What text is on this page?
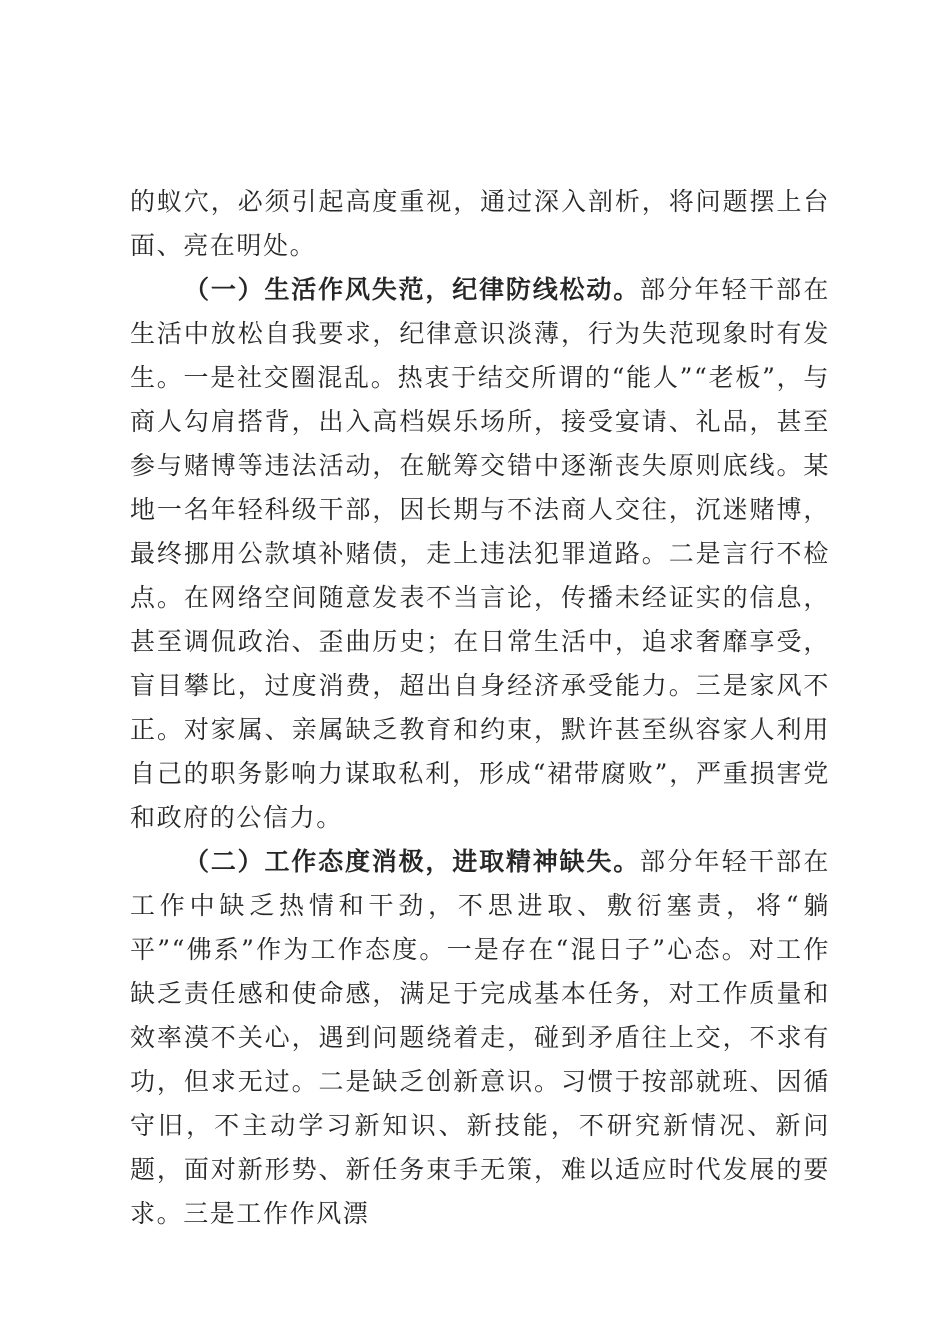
的蚁穴，必须引起高度重视，通过深入剖析，将问题摆上台面、亮在明处。

（一）生活作风失范，纪律防线松动。部分年轻干部在生活中放松自我要求，纪律意识淡薄，行为失范现象时有发生。一是社交圈混乱。热衷于结交所谓的“能人”“老板”，与商人勾肩搭背，出入高档娱乐场所，接受宴请、礼品，甚至参与赌博等违法活动，在觥筹交错中逐渐丧失原则底线。某地一名年轻科级干部，因长期与不法商人交往，沉迷赌博，最终挪用公款填补赌债，走上违法犯罪道路。二是言行不检点。在网络空间随意发表不当言论，传播未经证实的信息，甚至调侃政治、歪曲历史；在日常生活中，追求奢靡享受，盲目攀比，过度消费，超出自身经济承受能力。三是家风不正。对家属、亲属缺乏教育和约束，默许甚至纵容家人利用自己的职务影响力谋取私利，形成“裙带腐败”，严重损害党和政府的公信力。

（二）工作态度消极，进取精神缺失。部分年轻干部在工作中缺乏热情和干劲，不思进取、敷衍塞责，将“躺平”“佛系”作为工作态度。一是存在“混日子”心态。对工作缺乏责任感和使命感，满足于完成基本任务，对工作质量和效率漠不关心，遇到问题绕着走，碰到矛盾往上交，不求有功，但求无过。二是缺乏创新意识。习惯于按部就班、因循守旧，不主动学习新知识、新技能，不研究新情况、新问题，面对新形势、新任务束手无策，难以适应时代发展的要求。三是工作作风漂
